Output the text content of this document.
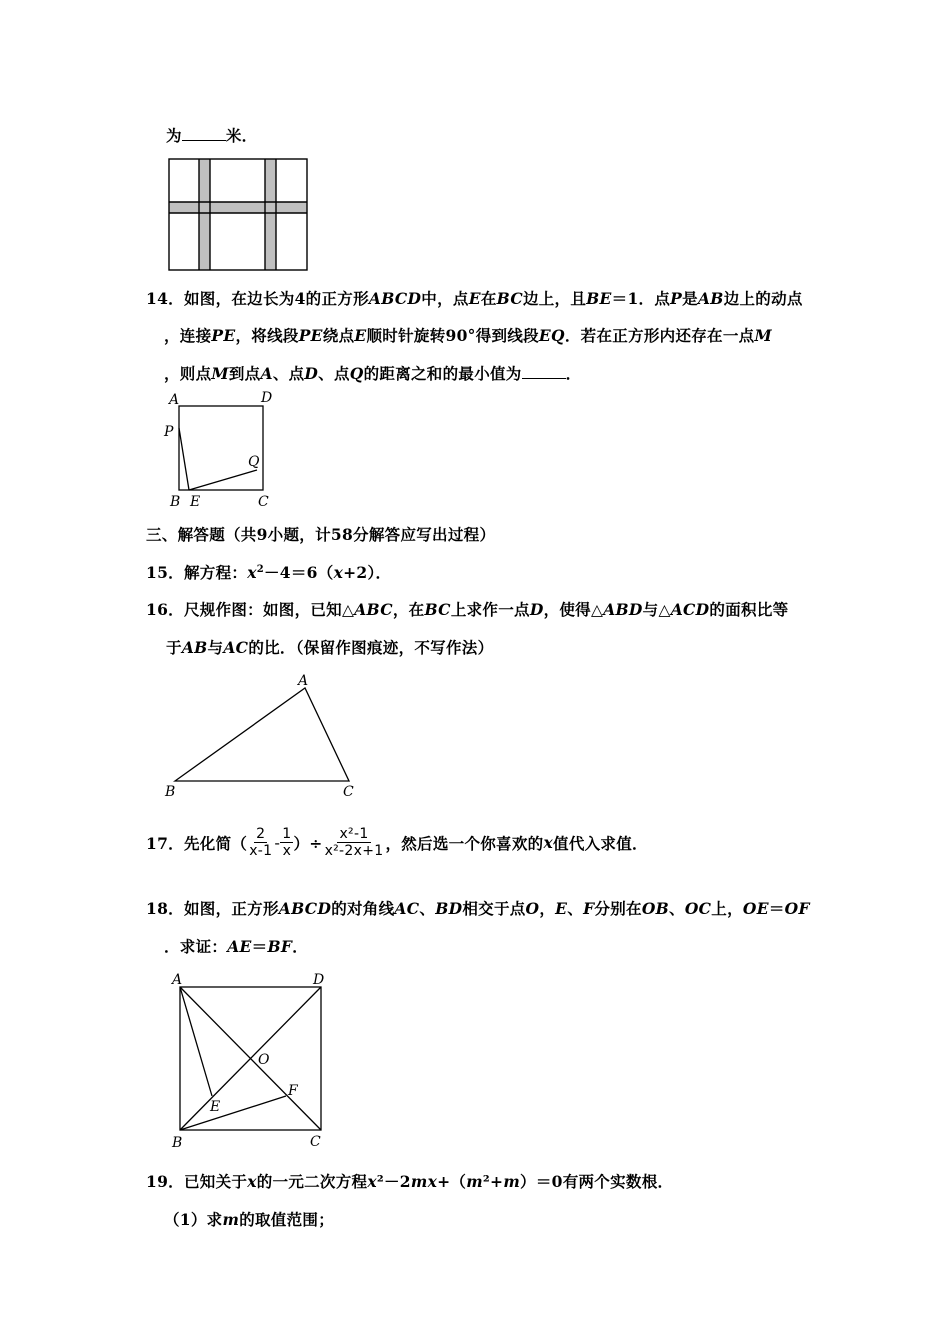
为	米．
14．如图，在边长为4的正方形ABCD中，点E在BC边上，且BE＝1．点P是AB边上的动点
，连接PE，将线段PE绕点E顺时针旋转90°得到线段EQ．若在正方形内还存在一点M
，则点M到点A、点D、点Q的距离之和的最小值为	．
A	D
P
Q
B E	C
三、解答题（共9小题，计58分解答应写出过程）
15．解方程：$x^2-4=6(x+2)$．
16．尺规作图：如图，已知△ABC，在BC上求作一点D，使得△ABD与△ACD的面积比等
于AB与AC的比．（保留作图痕迹，不写作法）
A
B	C
17． 先化简（ $\frac{2}{x-1} - \frac{1}{x}$ ）÷ $\frac{\text{x²-1}}{\text{x²-2x+1}}$ ，然后选一个你喜欢的 x 值代入求值．
18．如图，正方形ABCD的对角线AC、BD相交于点O，E、F分别在OB、OC上，OE＝OF
．求证：AE＝BF．
A	D
O
E
F
B	C
19．已知关于x的一元二次方程x²－2mx+（m²+m）＝0有两个实数根．
（1）求m的取值范围；
